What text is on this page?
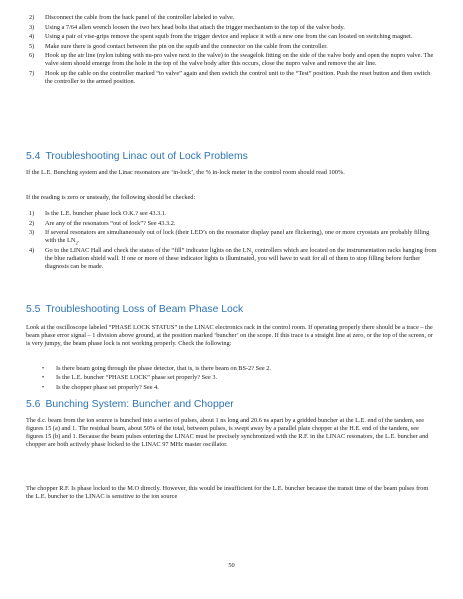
2) Disconnect the cable from the back panel of the controller labeled to valve.
3) Using a 7/64 allen wrench loosen the two hex head bolts that attach the trigger mechanism to the top of the valve body.
4) Using a pair of vise-grips remove the spent squib from the trigger device and replace it with a new one from the can located on switching magnet.
5) Make sure there is good contact between the pin on the squib and the connector on the cable from the controller.
6) Hook up the air line (nylon tubing with nu-pro valve next to the valve) to the swagelok fitting on the side of the valve body and open the nupro valve. The valve stem should emerge from the hole in the top of the valve body after this occurs, close the nupro valve and remove the air line.
7) Hook up the cable on the controller marked “to valve” again and then switch the control unit to the “Test” position. Push the reset button and then switch the controller to the armed position.
5.4 Troubleshooting Linac out of Lock Problems

If the L.E. Bunching system and the Linac resonators are ‘in-lock’, the % in-lock meter in the control room should read 100%.

If the reading is zero or unsteady, the following should be checked:

1) Is the L.E. buncher phase lock O.K.? see 43.3.1.
2) Are any of the resonators “out of lock”? See 43.3.2.
3) If several resonators are simultaneously out of lock (their LED’s on the resonator display panel are flickering), one or more cryostats are probably filling with the $LN_2$.
4) Go to the LINAC Hall and check the status of the “fill” indicator lights on the $LN_2$ controllers which are located on the instrumentation racks hanging from the blue radiation shield wall. If one or more of these indicator lights is illuminated, you will have to wait for all of them to stop filling before further diagnosis can be made.
5.5 Troubleshooting Loss of Beam Phase Lock

Look at the oscilloscope labeled “PHASE LOCK STATUS” in the LINAC electronics rack in the control room. If operating properly there should be a trace – the beam phase error signal – 1 division above ground, at the position marked ‘buncher’ on the scope. If this trace is a straight line at zero, or the top of the screen, or is very jumpy, the beam phase lock is not working properly. Check the following:

• Is there beam going through the phase detector, that is, is there beam on BS-2? See 2.
• Is the L.E. buncher “PHASE LOCK” phase set properly? See 3.
• Is the chopper phase set properly? See 4.
5.6 Bunching System: Buncher and Chopper

The d.c. beam from the ion source is bunched into a series of pulses, about 1 ns long and 20.6 ns apart by a gridded buncher at the L.E. end of the tandem, see figures 15 (a) and 1. The residual beam, about 50% of the total, between pulses, is swept away by a parallel plate chopper at the H.E. end of the tandem, see figures 15 (b) and 1. Because the beam pulses entering the LINAC must be precisely synchronized with the R.F. in the LINAC resonators, the L.E. buncher and chopper are both actively phase locked to the LINAC 97 MHz master oscillator.

The chopper R.F. Is phase locked to the M.O directly. However, this would be insufficient for the L.E. buncher because the transit time of the beam pulses from the L.E. buncher to the LINAC is sensitive to the ion source

50
